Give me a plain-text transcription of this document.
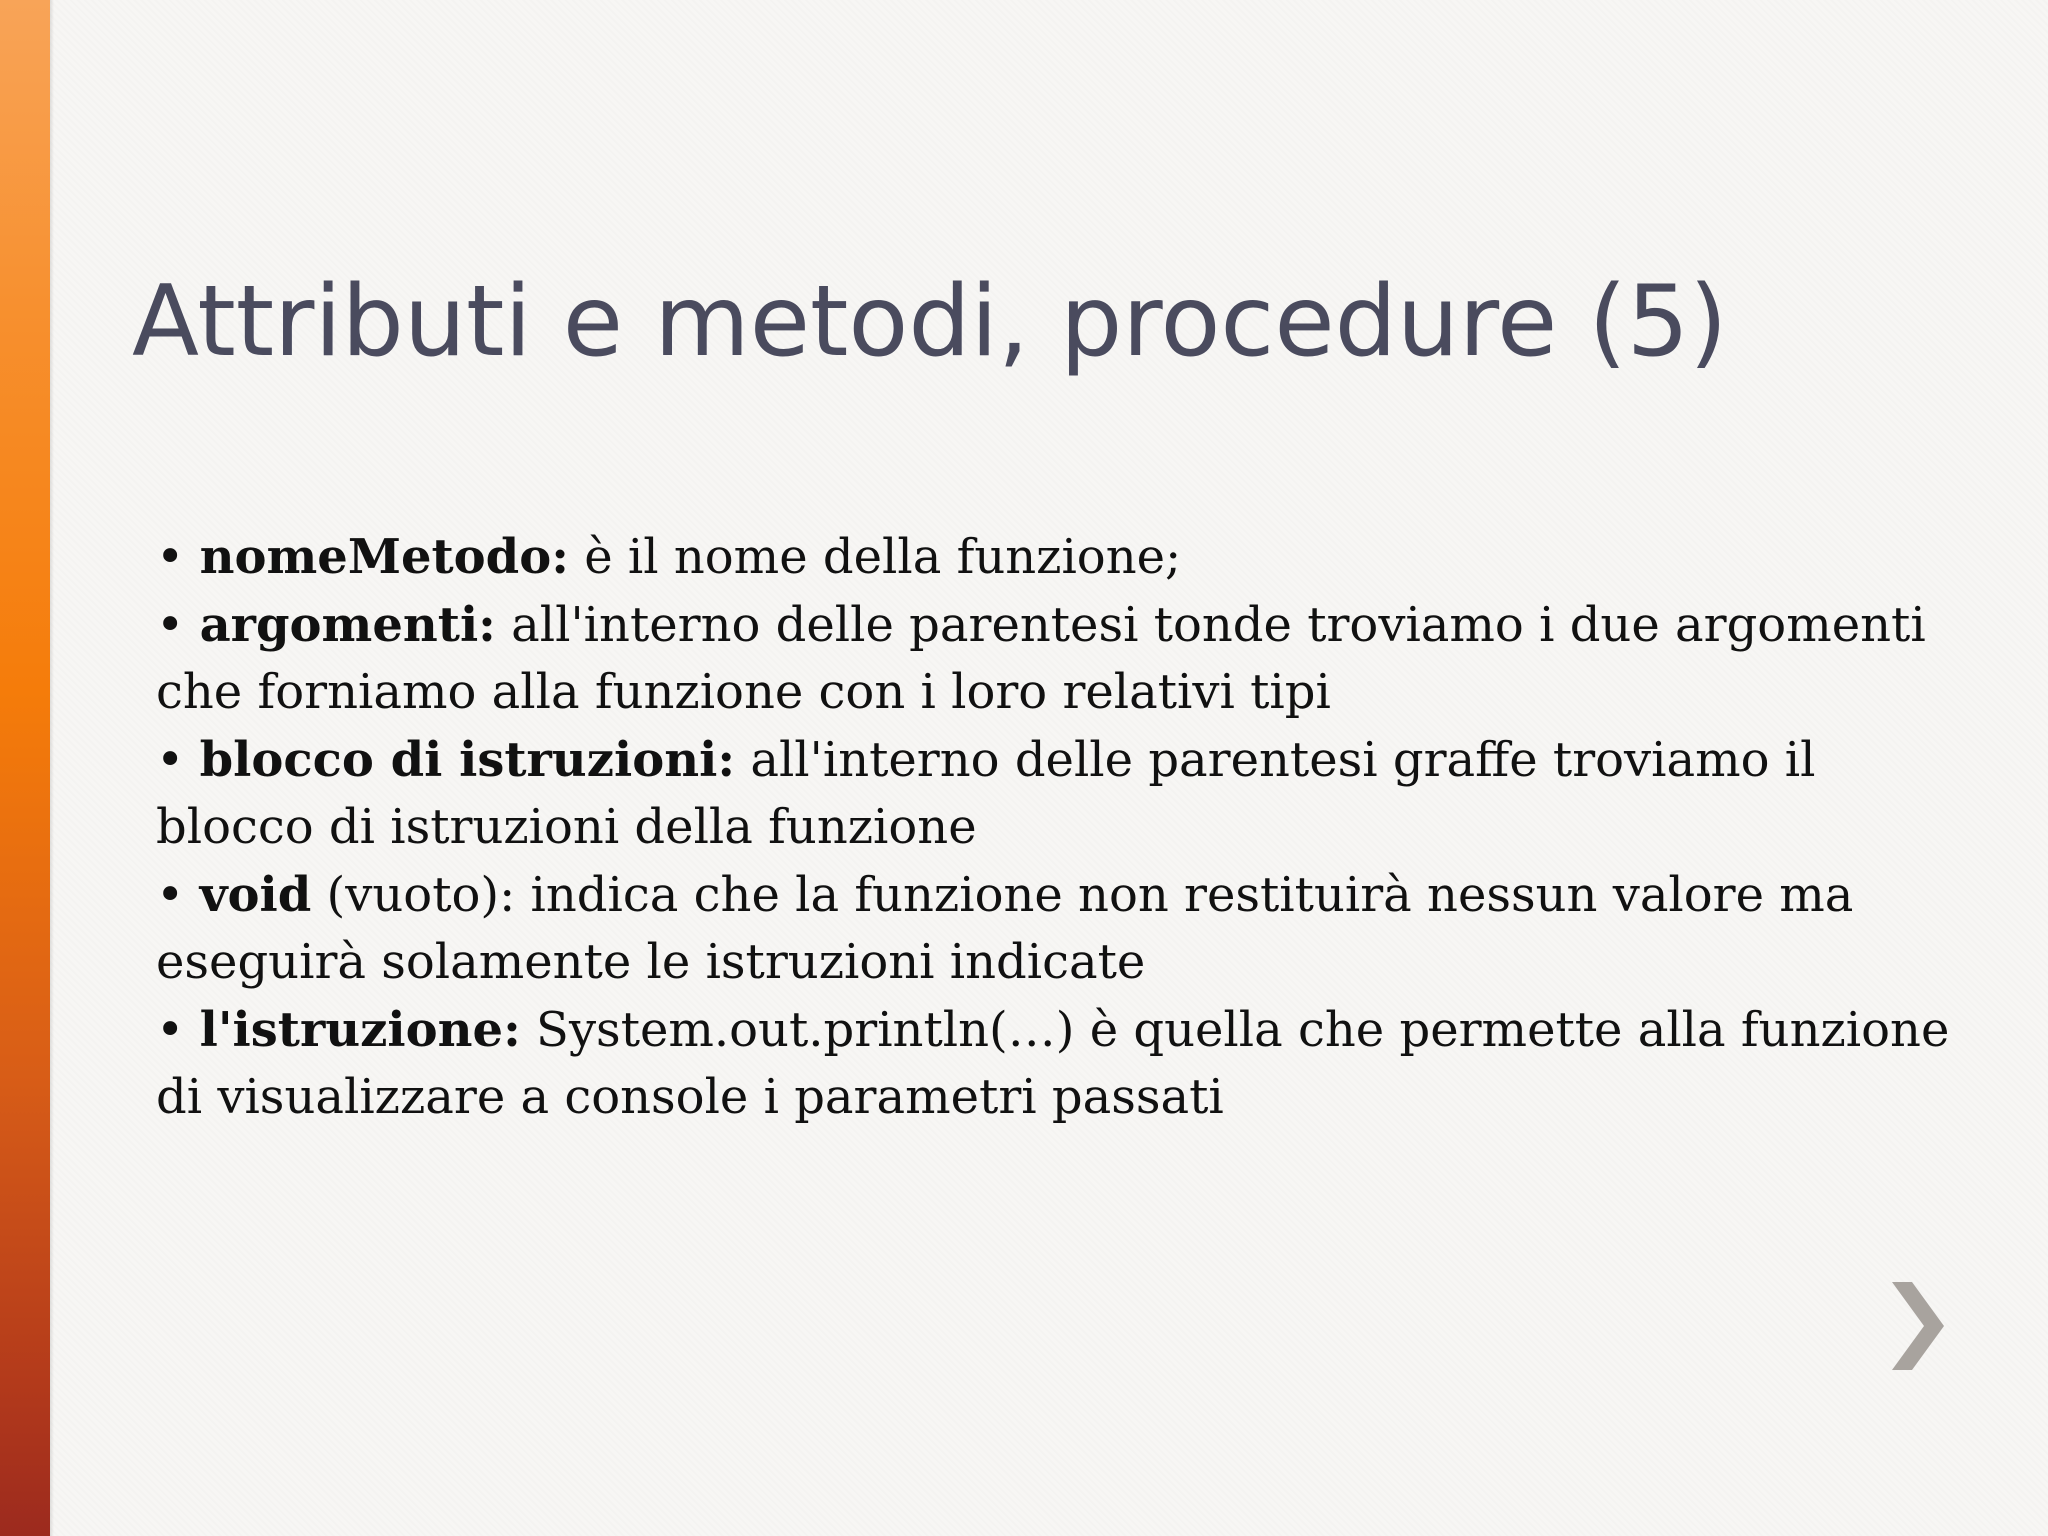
Attributi e metodi, procedure (5)
• nomeMetodo: è il nome della funzione;
• argomenti: all'interno delle parentesi tonde troviamo i due argomenti che forniamo alla funzione con i loro relativi tipi
• blocco di istruzioni: all'interno delle parentesi graffe troviamo il blocco di istruzioni della funzione
• void (vuoto): indica che la funzione non restituirà nessun valore ma eseguirà solamente le istruzioni indicate
• l'istruzione: System.out.println(…) è quella che permette alla funzione di visualizzare a console i parametri passati
